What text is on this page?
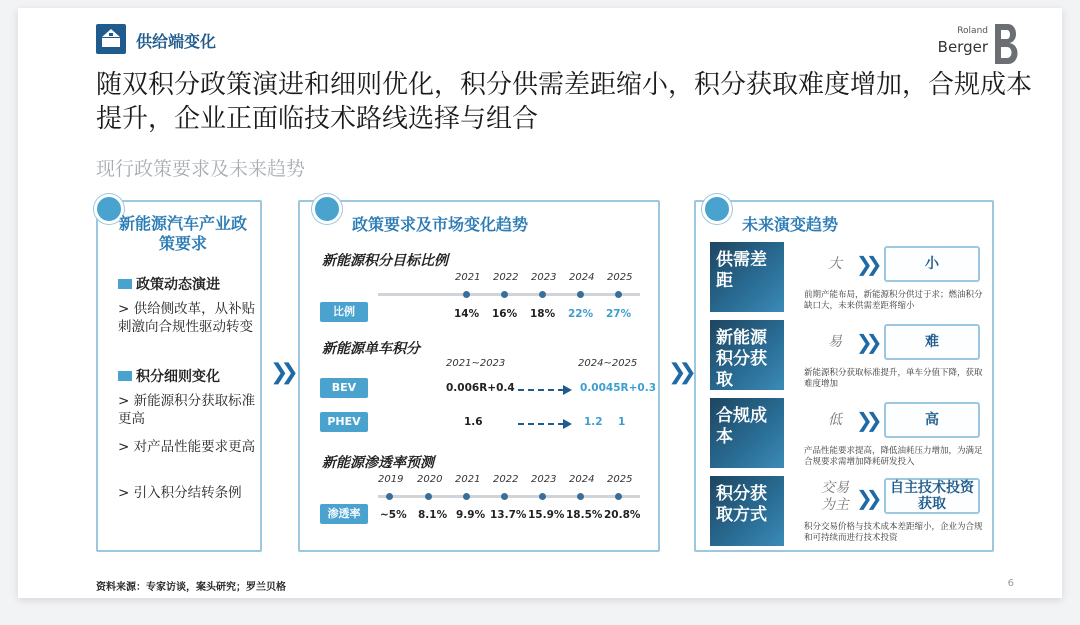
供给端变化
Roland
Berger
随双积分政策演进和细则优化，积分供需差距缩小，积分获取难度增加，合规成本提升，企业正面临技术路线选择与组合
现行政策要求及未来趋势
新能源汽车产业政策要求
政策动态演进
> 供给侧改革，从补贴刺激向合规性驱动转变
积分细则变化
> 新能源积分获取标准更高
> 对产品性能要求更高
> 引入积分结转条例
❯❯
政策要求及市场变化趋势
新能源积分目标比例
2021 2022 2023 2024 2025
比例	14% 16% 18% 22% 27%
新能源单车积分
2021~2023	2024~2025
BEV	0.006R+0.4	0.0045R+0.3
PHEV	1.6	1.2 1
新能源渗透率预测
2019 2020 2021 2022 2023 2024 2025
渗透率	~5% 8.1% 9.9% 13.7% 15.9% 18.5% 20.8%
❯❯
未来演变趋势
供需差距
大 ❯❯	小
前期产能布局，新能源积分供过于求；燃油积分缺口大，未来供需差距将缩小
新能源积分获取
易 ❯❯	难
新能源积分获取标准提升，单车分值下降，获取难度增加
合规成本
低 ❯❯	高
产品性能要求提高，降低油耗压力增加，为满足合规要求需增加降耗研发投入
积分获取方式
交易为主 ❯❯	自主技术投资获取
积分交易价格与技术成本差距缩小，企业为合规和可持续而进行技术投资
资料来源：专家访谈，案头研究；罗兰贝格	6
